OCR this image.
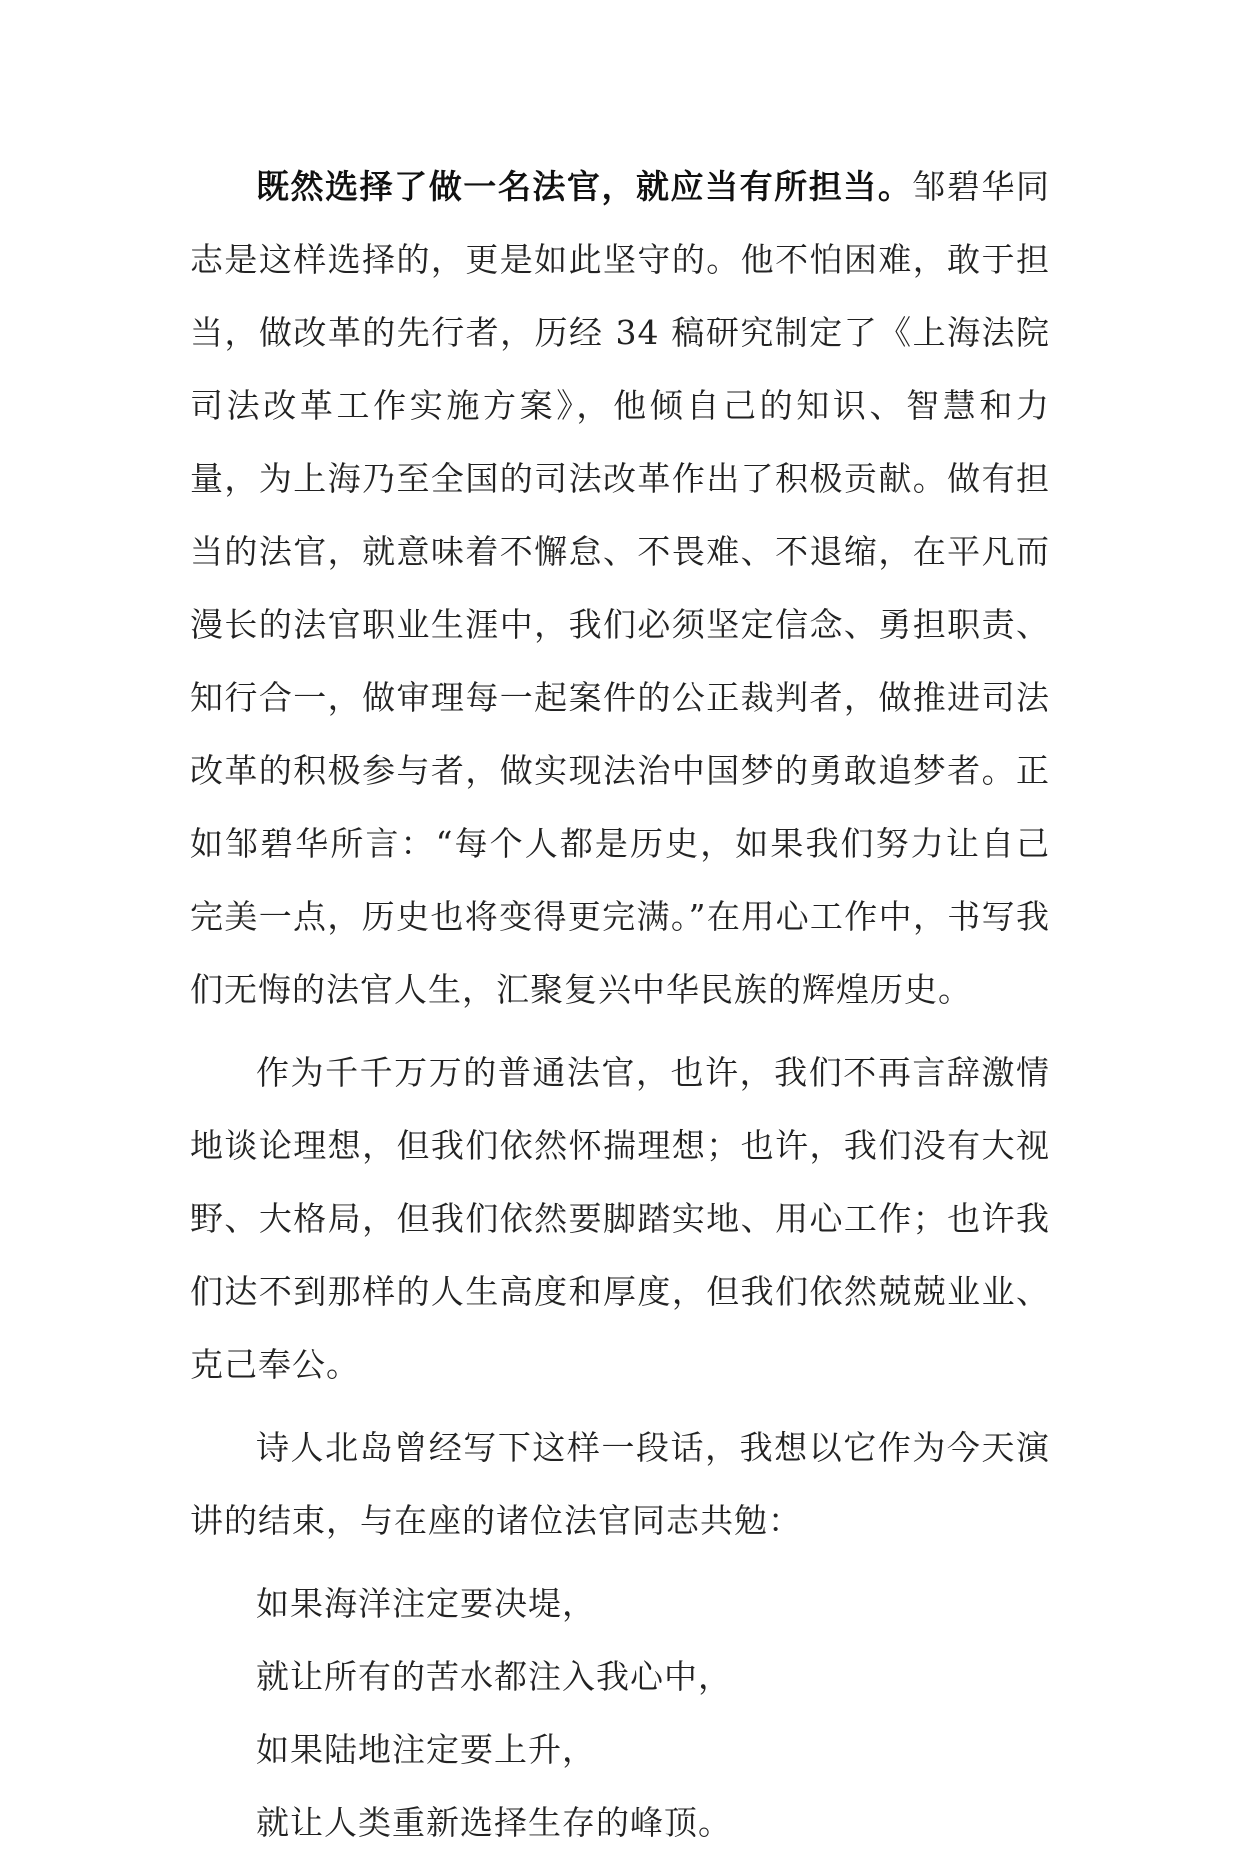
既然选择了做一名法官，就应当有所担当。邹碧华同志是这样选择的，更是如此坚守的。他不怕困难，敢于担当，做改革的先行者，历经 34 稿研究制定了《上海法院司法改革工作实施方案》，他倾自己的知识、智慧和力量，为上海乃至全国的司法改革作出了积极贡献。做有担当的法官，就意味着不懈怠、不畏难、不退缩，在平凡而漫长的法官职业生涯中，我们必须坚定信念、勇担职责、知行合一，做审理每一起案件的公正裁判者，做推进司法改革的积极参与者，做实现法治中国梦的勇敢追梦者。正如邹碧华所言：“每个人都是历史，如果我们努力让自己完美一点，历史也将变得更完满。”在用心工作中，书写我们无悔的法官人生，汇聚复兴中华民族的辉煌历史。

作为千千万万的普通法官，也许，我们不再言辞激情地谈论理想，但我们依然怀揣理想；也许，我们没有大视野、大格局，但我们依然要脚踏实地、用心工作；也许我们达不到那样的人生高度和厚度，但我们依然兢兢业业、克己奉公。

诗人北岛曾经写下这样一段话，我想以它作为今天演讲的结束，与在座的诸位法官同志共勉：

如果海洋注定要决堤，

就让所有的苦水都注入我心中，

如果陆地注定要上升，

就让人类重新选择生存的峰顶。
